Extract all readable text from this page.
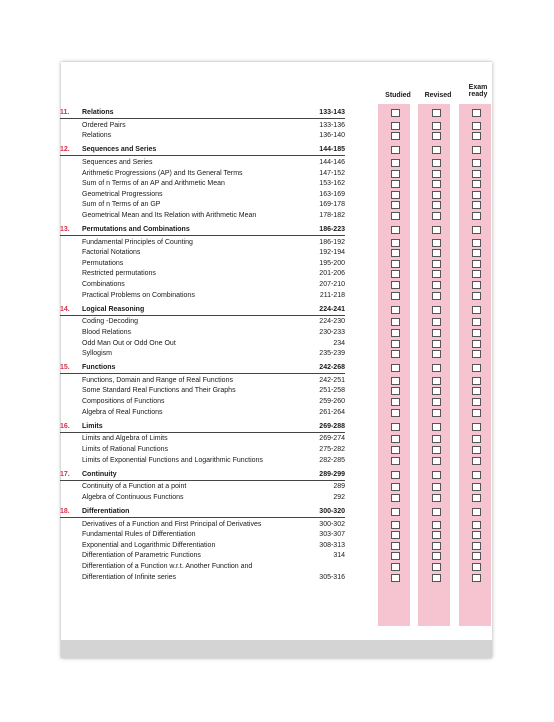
Studied	Revised
Exam
ready
11.	Relations	133-143
Ordered Pairs	133-136
Relations	136-140
12.	Sequences and Series	144-185
Sequences and Series	144-146
Arithmetic Progressions (AP) and Its General Terms	147-152
Sum of n Terms of an AP and Arithmetic Mean	153-162
Geometrical Progressions	163-169
Sum of n Terms of an GP	169-178
Geometrical Mean and Its Relation with Arithmetic Mean	178-182
13.	Permutations and Combinations	186-223
Fundamental Principles of Counting	186-192
Factorial Notations	192-194
Permutations	195-200
Restricted permutations	201-206
Combinations	207-210
Practical Problems on Combinations	211-218
14.	Logical Reasoning	224-241
Coding -Decoding	224-230
Blood Relations	230-233
Odd Man Out or Odd One Out	234
Syllogism	235-239
15.	Functions	242-268
Functions, Domain and Range of Real Functions	242-251
Some Standard Real Functions and Their Graphs	251-258
Compositions of Functions	259-260
Algebra of Real Functions	261-264
16.	Limits	269-288
Limits and Algebra of Limits	269-274
Limits of Rational Functions	275-282
Limits of Exponential Functions and Logarithmic Functions	282-285
17.	Continuity	289-299
Continuity of a Function at a point	289
Algebra of Continuous Functions	292
18.	Differentiation	300-320
Derivatives of a Function and First Principal of Derivatives	300-302
Fundamental Rules of Differentiation	303-307
Exponential and Logarithmic Differentiation	308-313
Differentiation of Parametric Functions	314
Differentiation of a Function w.r.t. Another Function and
Differentiation of Infinite series	305-316
